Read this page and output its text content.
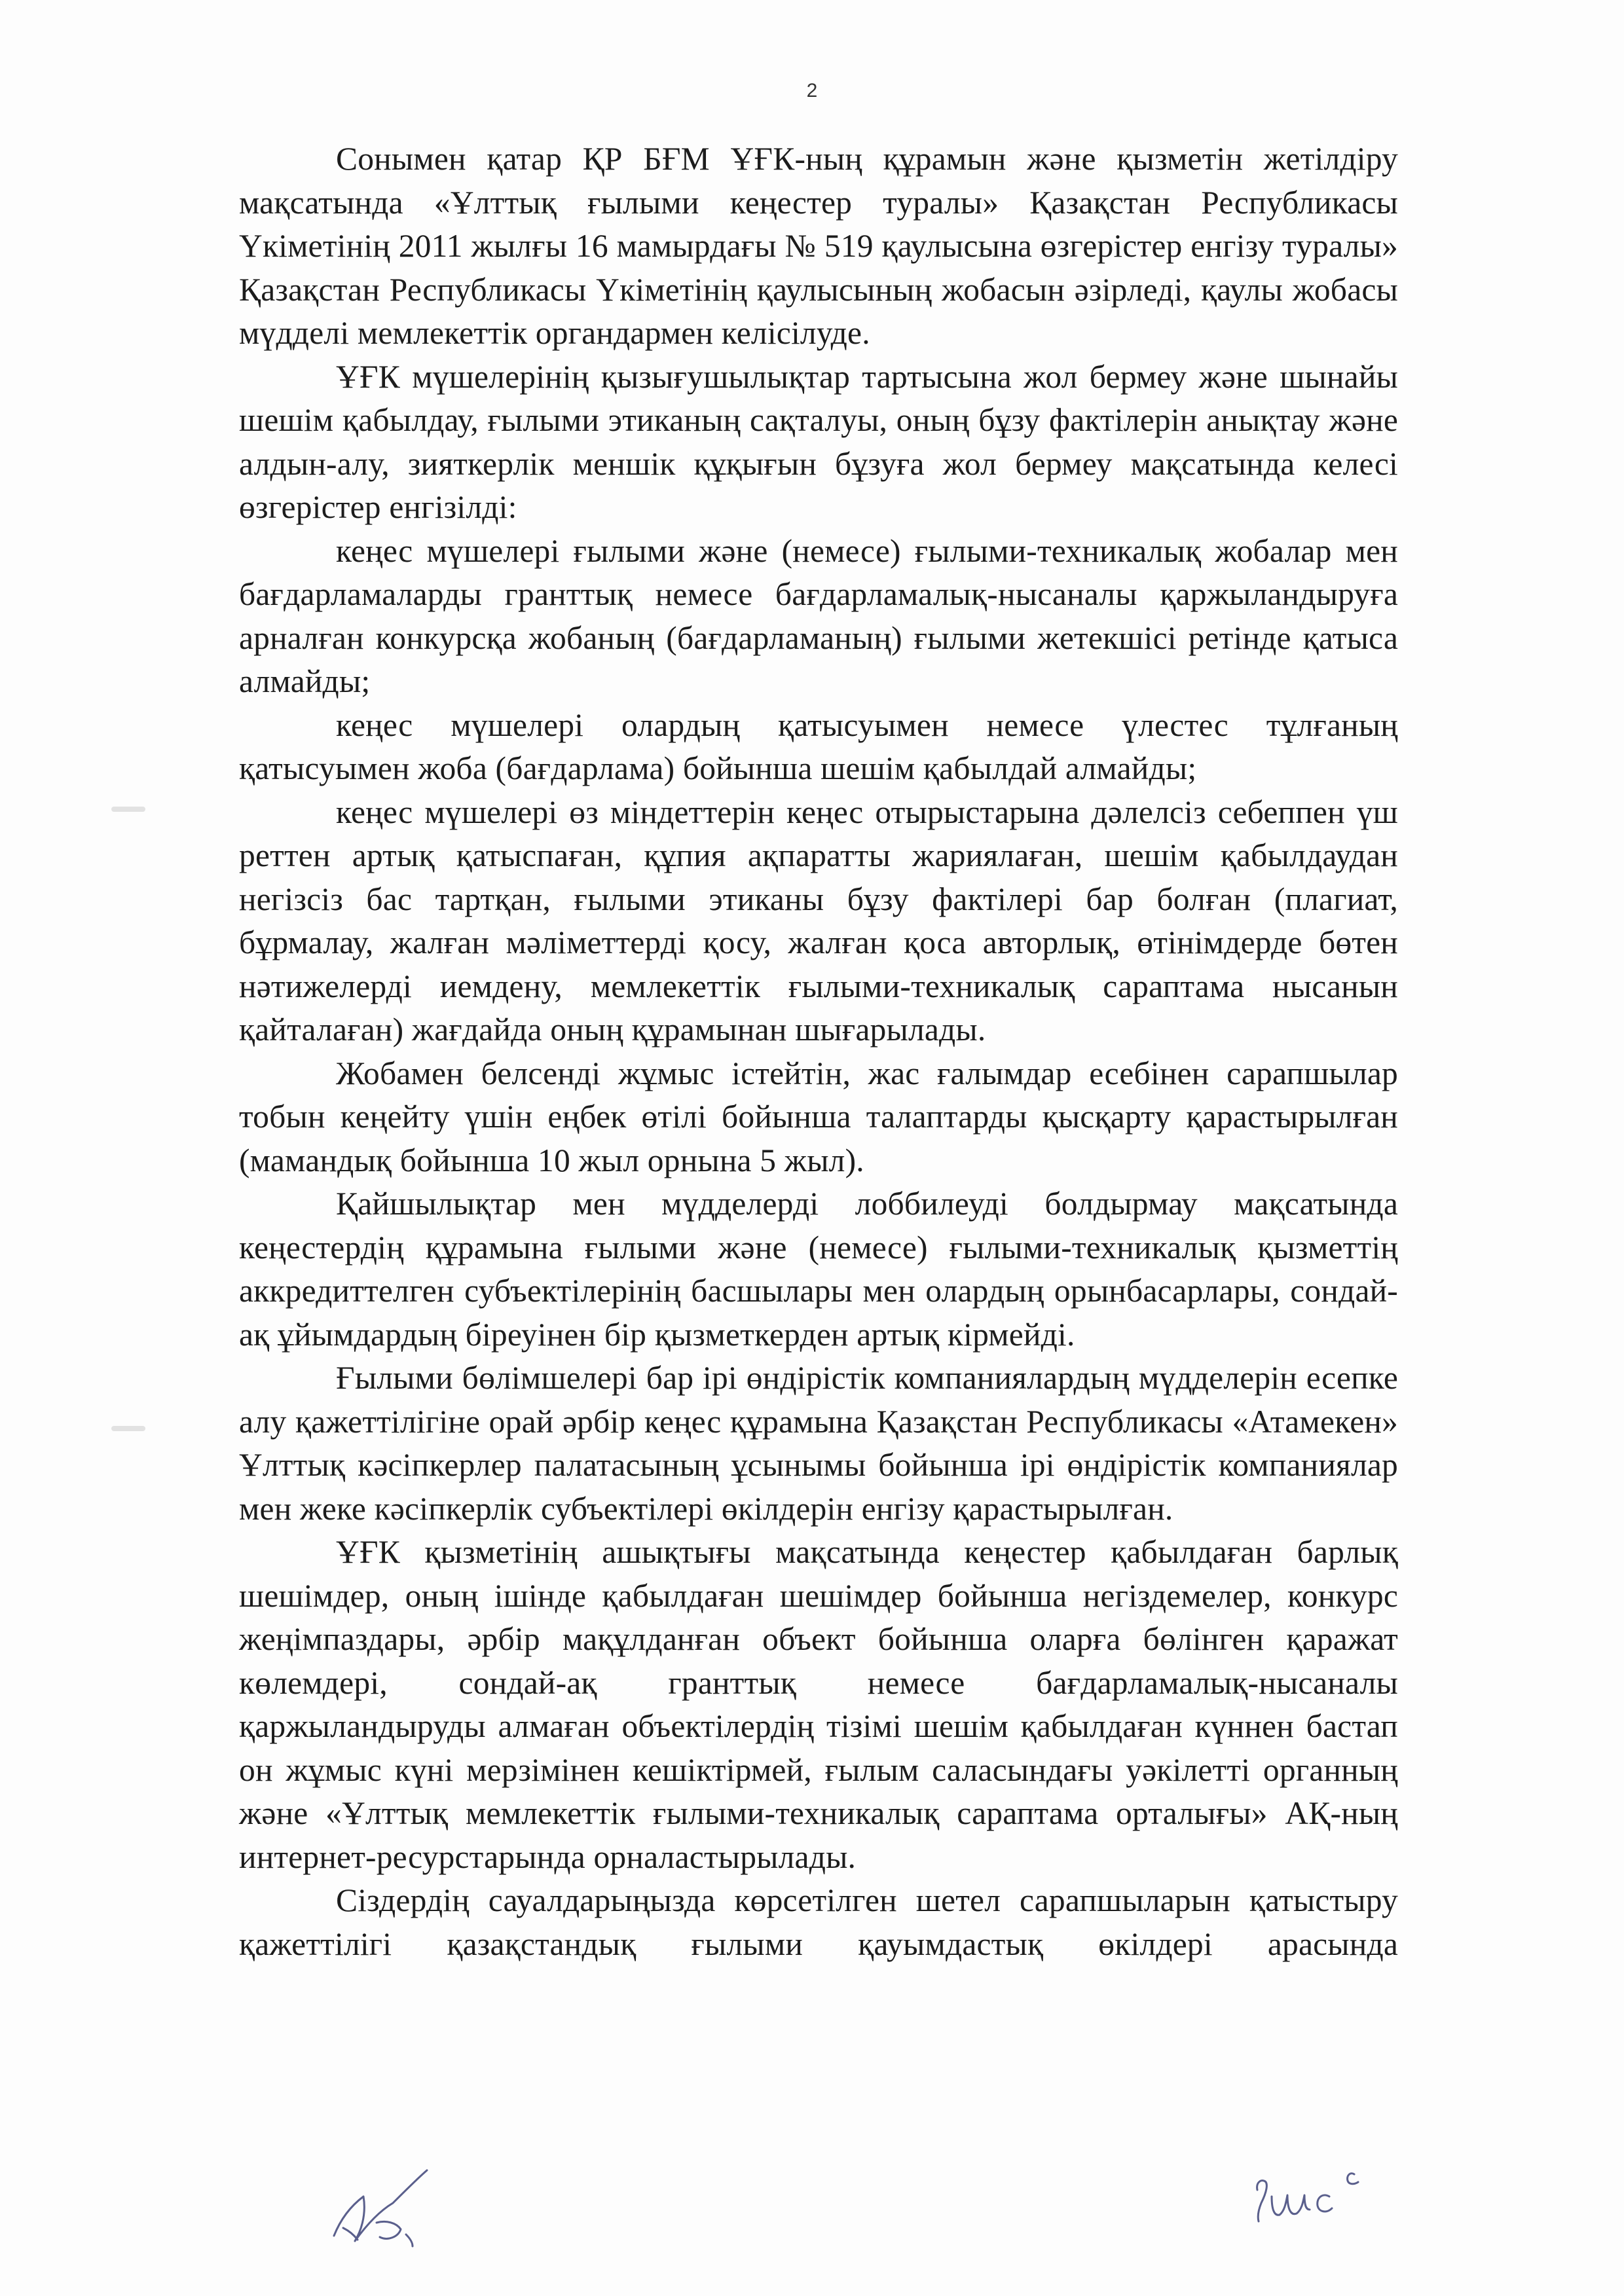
2

Сонымен қатар ҚР БҒМ ҰҒК-ның құрамын және қызметін жетілдіру мақсатында «Ұлттық ғылыми кеңестер туралы» Қазақстан Республикасы Үкіметінің 2011 жылғы 16 мамырдағы № 519 қаулысына өзгерістер енгізу туралы» Қазақстан Республикасы Үкіметінің қаулысының жобасын әзірледі, қаулы жобасы мүдделі мемлекеттік органдармен келісілуде.

ҰҒК мүшелерінің қызығушылықтар тартысына жол бермеу және шынайы шешім қабылдау, ғылыми этиканың сақталуы, оның бұзу фактілерін анықтау және алдын-алу, зияткерлік меншік құқығын бұзуға жол бермеу мақсатында келесі өзгерістер енгізілді:

кеңес мүшелері ғылыми және (немесе) ғылыми-техникалық жобалар мен бағдарламаларды гранттық немесе бағдарламалық-нысаналы қаржыландыруға арналған конкурсқа жобаның (бағдарламаның) ғылыми жетекшісі ретінде қатыса алмайды;

кеңес мүшелері олардың қатысуымен немесе үлестес тұлғаның қатысуымен жоба (бағдарлама) бойынша шешім қабылдай алмайды;

кеңес мүшелері өз міндеттерін кеңес отырыстарына дәлелсіз себеппен үш реттен артық қатыспаған, құпия ақпаратты жариялаған, шешім қабылдаудан негізсіз бас тартқан, ғылыми этиканы бұзу фактілері бар болған (плагиат, бұрмалау, жалған мәліметтерді қосу, жалған қоса авторлық, өтінімдерде бөтен нәтижелерді иемдену, мемлекеттік ғылыми-техникалық сараптама нысанын қайталаған) жағдайда оның құрамынан шығарылады.

Жобамен белсенді жұмыс істейтін, жас ғалымдар есебінен сарапшылар тобын кеңейту үшін еңбек өтілі бойынша талаптарды қысқарту қарастырылған (мамандық бойынша 10 жыл орнына 5 жыл).

Қайшылықтар мен мүдделерді лоббилеуді болдырмау мақсатында кеңестердің құрамына ғылыми және (немесе) ғылыми-техникалық қызметтің аккредиттелген субъектілерінің басшылары мен олардың орынбасарлары, сондай-ақ ұйымдардың біреуінен бір қызметкерден артық кірмейді.

Ғылыми бөлімшелері бар ірі өндірістік компаниялардың мүдделерін есепке алу қажеттілігіне орай әрбір кеңес құрамына Қазақстан Республикасы «Атамекен» Ұлттық кәсіпкерлер палатасының ұсынымы бойынша ірі өндірістік компаниялар мен жеке кәсіпкерлік субъектілері өкілдерін енгізу қарастырылған.

ҰҒК қызметінің ашықтығы мақсатында кеңестер қабылдаған барлық шешімдер, оның ішінде қабылдаған шешімдер бойынша негіздемелер, конкурс жеңімпаздары, әрбір мақұлданған объект бойынша оларға бөлінген қаражат көлемдері, сондай-ақ гранттық немесе бағдарламалық-нысаналы қаржыландыруды алмаған объектілердің тізімі шешім қабылдаған күннен бастап он жұмыс күні мерзімінен кешіктірмей, ғылым саласындағы уәкілетті органның және «Ұлттық мемлекеттік ғылыми-техникалық сараптама орталығы» АҚ-ның интернет-ресурстарында орналастырылады.

Сіздердің сауалдарыңызда көрсетілген шетел сарапшыларын қатыстыру қажеттілігі қазақстандық ғылыми қауымдастық өкілдері арасында
